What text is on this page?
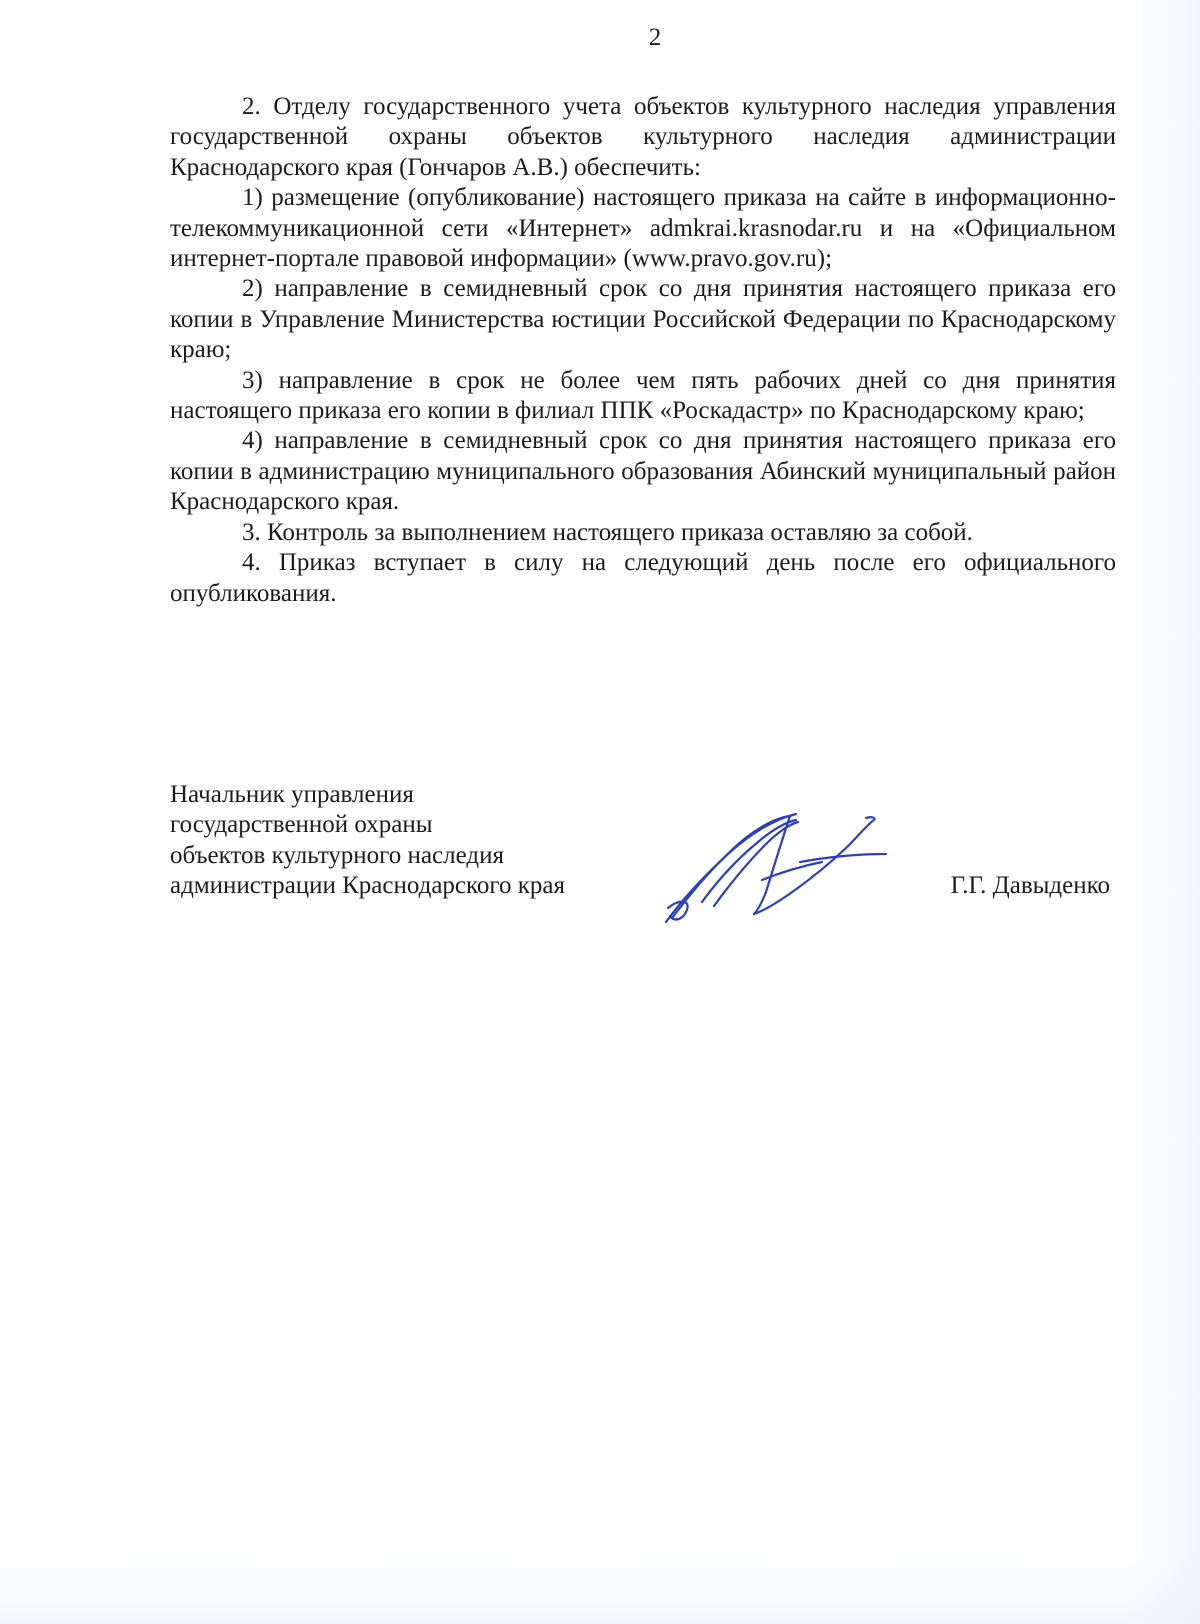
2

2. Отделу государственного учета объектов культурного наследия управления государственной охраны объектов культурного наследия администрации Краснодарского края (Гончаров А.В.) обеспечить:

1) размещение (опубликование) настоящего приказа на сайте в информационно-телекоммуникационной сети «Интернет» admkrai.krasnodar.ru и на «Официальном интернет-портале правовой информации» (www.pravo.gov.ru);

2) направление в семидневный срок со дня принятия настоящего приказа его копии в Управление Министерства юстиции Российской Федерации по Краснодарскому краю;

3) направление в срок не более чем пять рабочих дней со дня принятия настоящего приказа его копии в филиал ППК «Роскадастр» по Краснодарскому краю;

4) направление в семидневный срок со дня принятия настоящего приказа его копии в администрацию муниципального образования Абинский муниципальный район Краснодарского края.

3. Контроль за выполнением настоящего приказа оставляю за собой.

4. Приказ вступает в силу на следующий день после его официального опубликования.

Начальник управления
государственной охраны
объектов культурного наследия
администрации Краснодарского края	Г.Г. Давыденко
